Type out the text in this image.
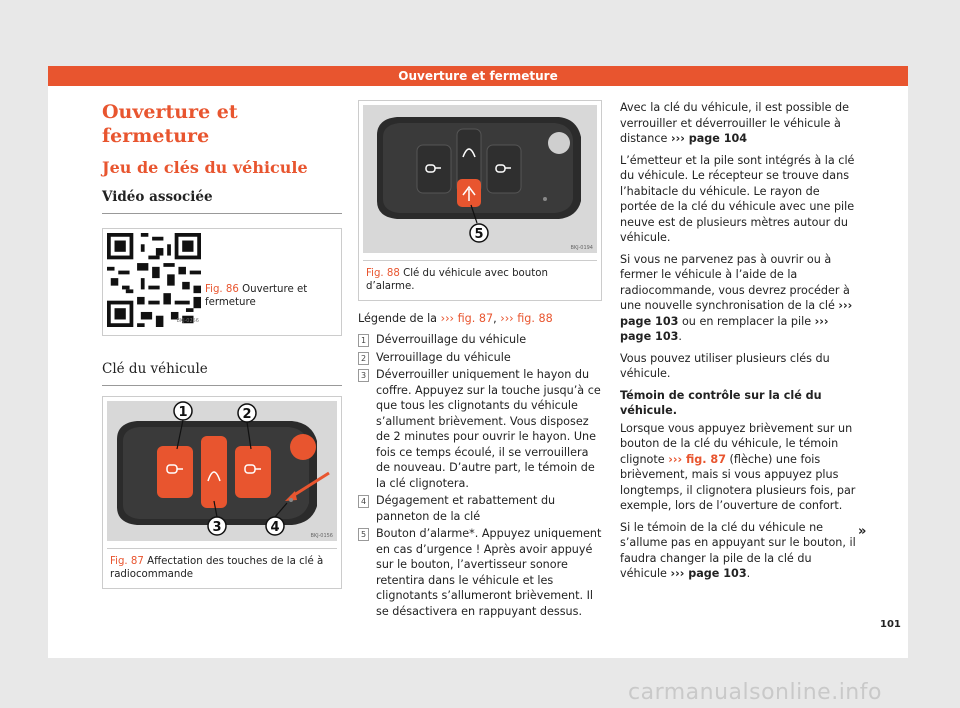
Ouverture et fermeture
Ouverture et fermeture
Jeu de clés du véhicule
Vidéo associée
BKJ-0256
Fig. 86 Ouverture et fermeture
Clé du véhicule
1	2
3	4
BKJ-0156
Fig. 87 Affectation des touches de la clé à radiocommande
5
BKJ-0194
Fig. 88 Clé du véhicule avec bouton d’alarme.

Légende de la ››› fig. 87, ››› fig. 88

1 Déverrouillage du véhicule
2 Verrouillage du véhicule
3 Déverrouiller uniquement le hayon du coffre. Appuyez sur la touche jusqu’à ce que tous les clignotants du véhicule s’allument brièvement. Vous disposez de 2 minutes pour ouvrir le hayon. Une fois ce temps écoulé, il se verrouillera de nouveau. D’autre part, le témoin de la clé clignotera.
4 Dégagement et rabattement du panneton de la clé
5 Bouton d’alarme*. Appuyez uniquement en cas d’urgence ! Après avoir appuyé sur le bouton, l’avertisseur sonore retentira dans le véhicule et les clignotants s’allumeront brièvement. Il se désactivera en rappuyant dessus.

Avec la clé du véhicule, il est possible de verrouiller et déverrouiller le véhicule à distance ››› page 104

L’émetteur et la pile sont intégrés à la clé du véhicule. Le récepteur se trouve dans l’habitacle du véhicule. Le rayon de portée de la clé du véhicule avec une pile neuve est de plusieurs mètres autour du véhicule.

Si vous ne parvenez pas à ouvrir ou à fermer le véhicule à l’aide de la radiocommande, vous devrez procéder à une nouvelle synchronisation de la clé ››› page 103 ou en remplacer la pile ››› page 103.

Vous pouvez utiliser plusieurs clés du véhicule.

Témoin de contrôle sur la clé du véhicule.

Lorsque vous appuyez brièvement sur un bouton de la clé du véhicule, le témoin clignote ››› fig. 87 (flèche) une fois brièvement, mais si vous appuyez plus longtemps, il clignotera plusieurs fois, par exemple, lors de l’ouverture de confort.

Si le témoin de la clé du véhicule ne s’allume pas en appuyant sur le bouton, il faudra changer la pile de la clé du véhicule ››› page 103.

»
101
carmanualsonline.info
